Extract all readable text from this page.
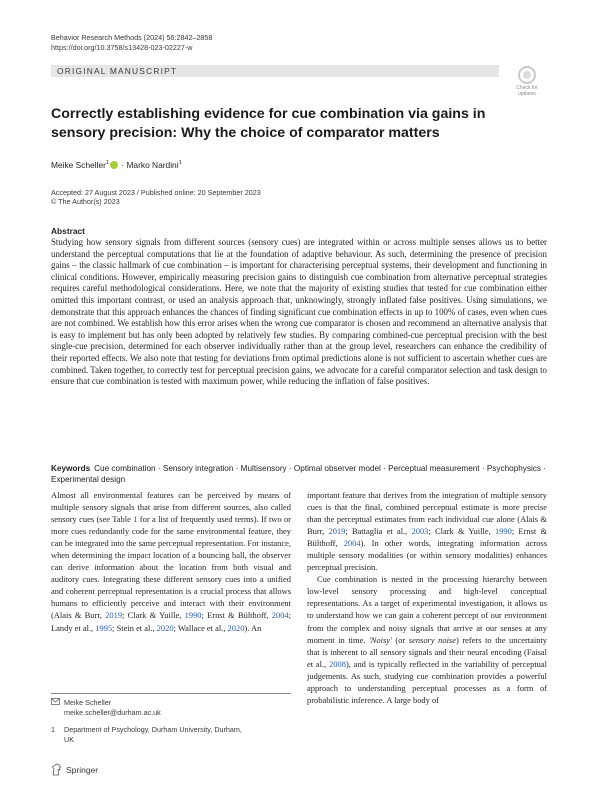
Behavior Research Methods (2024) 56:2842–2858
https://doi.org/10.3758/s13428-023-02227-w
ORIGINAL MANUSCRIPT
Check for
updates
Correctly establishing evidence for cue combination via gains in sensory precision: Why the choice of comparator matters
Meike Scheller$^1$ · Marko Nardini$^1$
Accepted: 27 August 2023 / Published online: 20 September 2023
© The Author(s) 2023
Abstract
Studying how sensory signals from different sources (sensory cues) are integrated within or across multiple senses allows us to better understand the perceptual computations that lie at the foundation of adaptive behaviour. As such, determining the presence of precision gains – the classic hallmark of cue combination – is important for characterising perceptual systems, their development and functioning in clinical conditions. However, empirically measuring precision gains to distinguish cue combination from alternative perceptual strategies requires careful methodological considerations. Here, we note that the majority of existing studies that tested for cue combination either omitted this important contrast, or used an analysis approach that, unknowingly, strongly inflated false positives. Using simulations, we demonstrate that this approach enhances the chances of finding significant cue combination effects in up to 100% of cases, even when cues are not combined. We establish how this error arises when the wrong cue comparator is chosen and recommend an alternative analysis that is easy to implement but has only been adopted by relatively few studies. By comparing combined-cue perceptual precision with the best single-cue precision, determined for each observer individually rather than at the group level, researchers can enhance the credibility of their reported effects. We also note that testing for deviations from optimal predictions alone is not sufficient to ascertain whether cues are combined. Taken together, to correctly test for perceptual precision gains, we advocate for a careful comparator selection and task design to ensure that cue combination is tested with maximum power, while reducing the inflation of false positives.
Keywords Cue combination · Sensory integration · Multisensory · Optimal observer model · Perceptual measurement · Psychophysics · Experimental design

Almost all environmental features can be perceived by means of multiple sensory signals that arise from different sources, also called sensory cues (see Table 1 for a list of frequently used terms). If two or more cues redundantly code for the same environmental feature, they can be integrated into the same perceptual representation. For instance, when determining the impact location of a bouncing ball, the observer can derive information about the location from both visual and auditory cues. Integrating these different sensory cues into a unified and coherent perceptual representation is a crucial process that allows humans to efficiently perceive and interact with their environment (Alais & Burr, 2019; Clark & Yuille, 1990; Ernst & Bülthoff, 2004; Landy et al., 1995; Stein et al., 2020; Wallace et al., 2020). An

important feature that derives from the integration of multiple sensory cues is that the final, combined perceptual estimate is more precise than the perceptual estimates from each individual cue alone (Alais & Burr, 2019; Battaglia et al., 2003; Clark & Yuille, 1990; Ernst & Bülthoff, 2004). In other words, integrating information across multiple sensory modalities (or within sensory modalities) enhances perceptual precision.

Cue combination is nested in the processing hierarchy between low-level sensory processing and high-level conceptual representations. As a target of experimental investigation, it allows us to understand how we can gain a coherent percept of our environment from the complex and noisy signals that arrive at our senses at any moment in time. 'Noisy' (or sensory noise) refers to the uncertainty that is inherent to all sensory signals and their neural encoding (Faisal et al., 2008), and is typically reflected in the variability of perceptual judgements. As such, studying cue combination provides a powerful approach to understanding perceptual processes as a form of probabilistic inference. A large body of

Meike Scheller
meike.scheller@durham.ac.uk
1 Department of Psychology, Durham University, Durham,
UK
Springer
